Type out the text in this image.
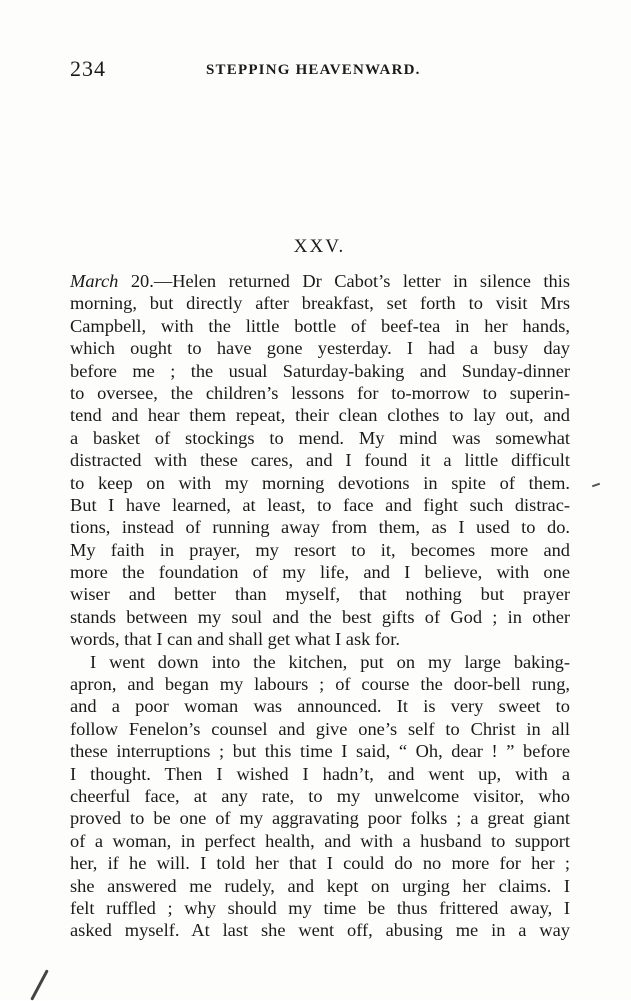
234	STEPPING HEAVENWARD.
XXV.
March 20.—Helen returned Dr Cabot’s letter in silence this
morning, but directly after breakfast, set forth to visit Mrs
Campbell, with the little bottle of beef-tea in her hands,
which ought to have gone yesterday. I had a busy day
before me ; the usual Saturday-baking and Sunday-dinner
to oversee, the children’s lessons for to-morrow to superin-
tend and hear them repeat, their clean clothes to lay out, and
a basket of stockings to mend. My mind was somewhat
distracted with these cares, and I found it a little difficult
to keep on with my morning devotions in spite of them.
But I have learned, at least, to face and fight such distrac-
tions, instead of running away from them, as I used to do.
My faith in prayer, my resort to it, becomes more and
more the foundation of my life, and I believe, with one
wiser and better than myself, that nothing but prayer
stands between my soul and the best gifts of God ; in other
words, that I can and shall get what I ask for.
I went down into the kitchen, put on my large baking-
apron, and began my labours ; of course the door-bell rung,
and a poor woman was announced. It is very sweet to
follow Fenelon’s counsel and give one’s self to Christ in all
these interruptions ; but this time I said, “ Oh, dear ! ” before
I thought. Then I wished I hadn’t, and went up, with a
cheerful face, at any rate, to my unwelcome visitor, who
proved to be one of my aggravating poor folks ; a great giant
of a woman, in perfect health, and with a husband to support
her, if he will. I told her that I could do no more for her ;
she answered me rudely, and kept on urging her claims. I
felt ruffled ; why should my time be thus frittered away, I
asked myself. At last she went off, abusing me in a way
